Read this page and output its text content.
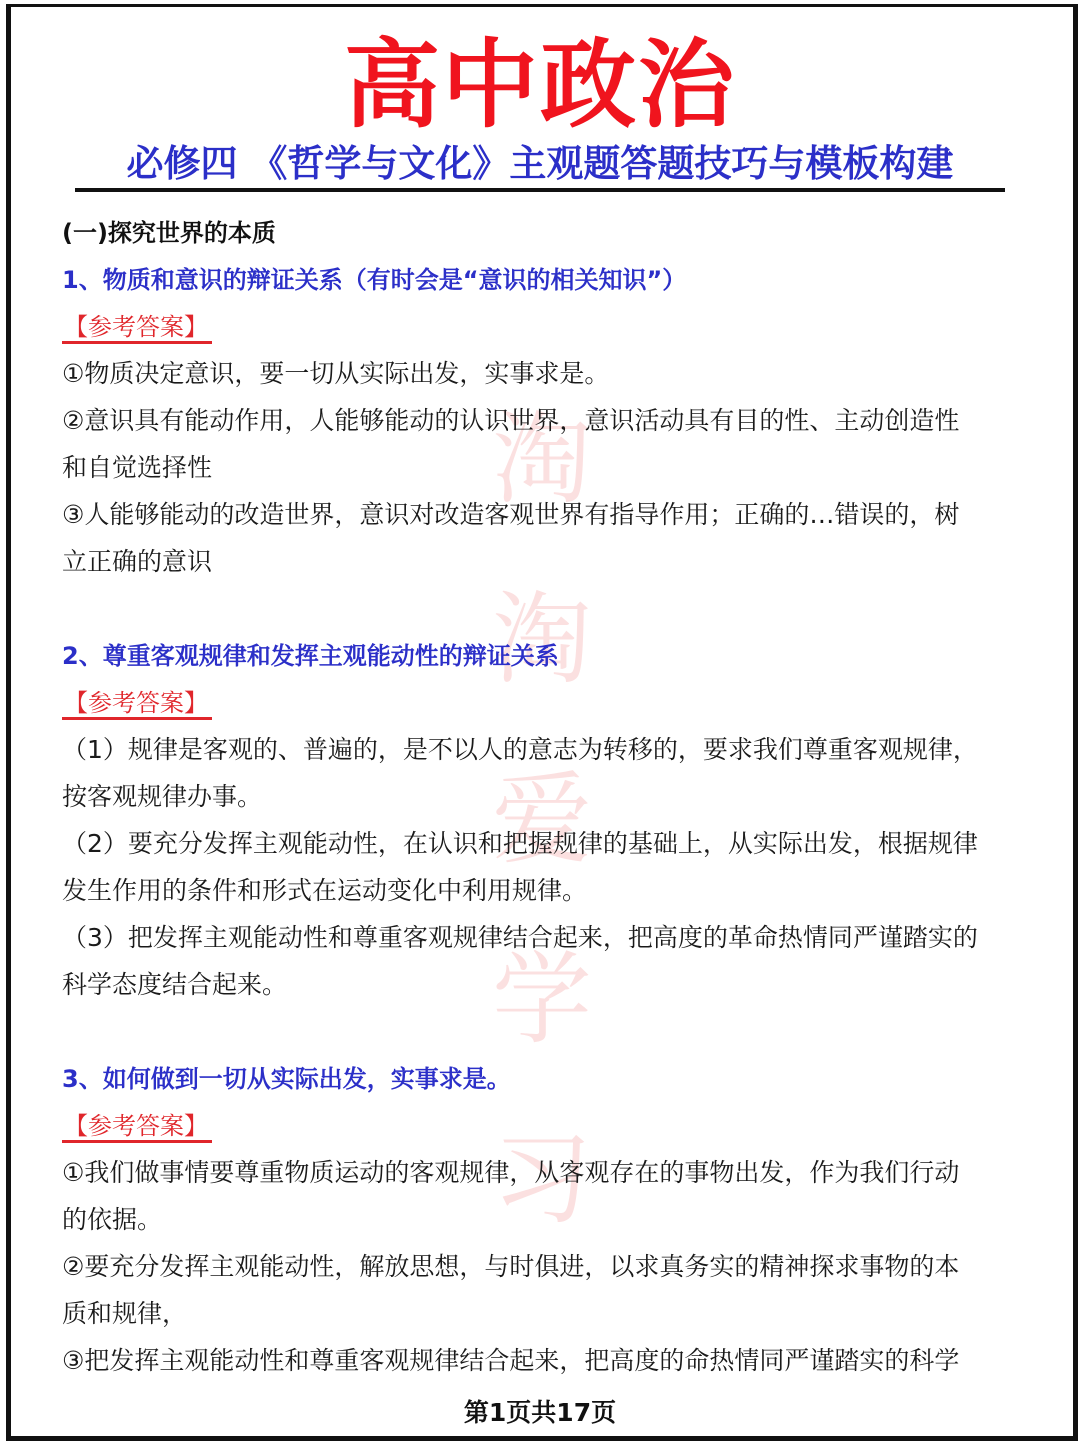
淘
淘
爱
学
习
高中政治
必修四 《哲学与文化》主观题答题技巧与模板构建
(一)探究世界的本质
1、物质和意识的辩证关系（有时会是“意识的相关知识”）
【参考答案】
①物质决定意识，要一切从实际出发，实事求是。
②意识具有能动作用，人能够能动的认识世界，意识活动具有目的性、主动创造性
和自觉选择性
③人能够能动的改造世界，意识对改造客观世界有指导作用；正确的…错误的，树
立正确的意识
2、尊重客观规律和发挥主观能动性的辩证关系
【参考答案】
（1）规律是客观的、普遍的，是不以人的意志为转移的，要求我们尊重客观规律，
按客观规律办事。
（2）要充分发挥主观能动性，在认识和把握规律的基础上，从实际出发，根据规律
发生作用的条件和形式在运动变化中利用规律。
（3）把发挥主观能动性和尊重客观规律结合起来，把高度的革命热情同严谨踏实的
科学态度结合起来。
3、如何做到一切从实际出发，实事求是。
【参考答案】
①我们做事情要尊重物质运动的客观规律，从客观存在的事物出发，作为我们行动
的依据。
②要充分发挥主观能动性，解放思想，与时俱进，以求真务实的精神探求事物的本
质和规律，
③把发挥主观能动性和尊重客观规律结合起来，把高度的命热情同严谨踏实的科学
第1页共17页
